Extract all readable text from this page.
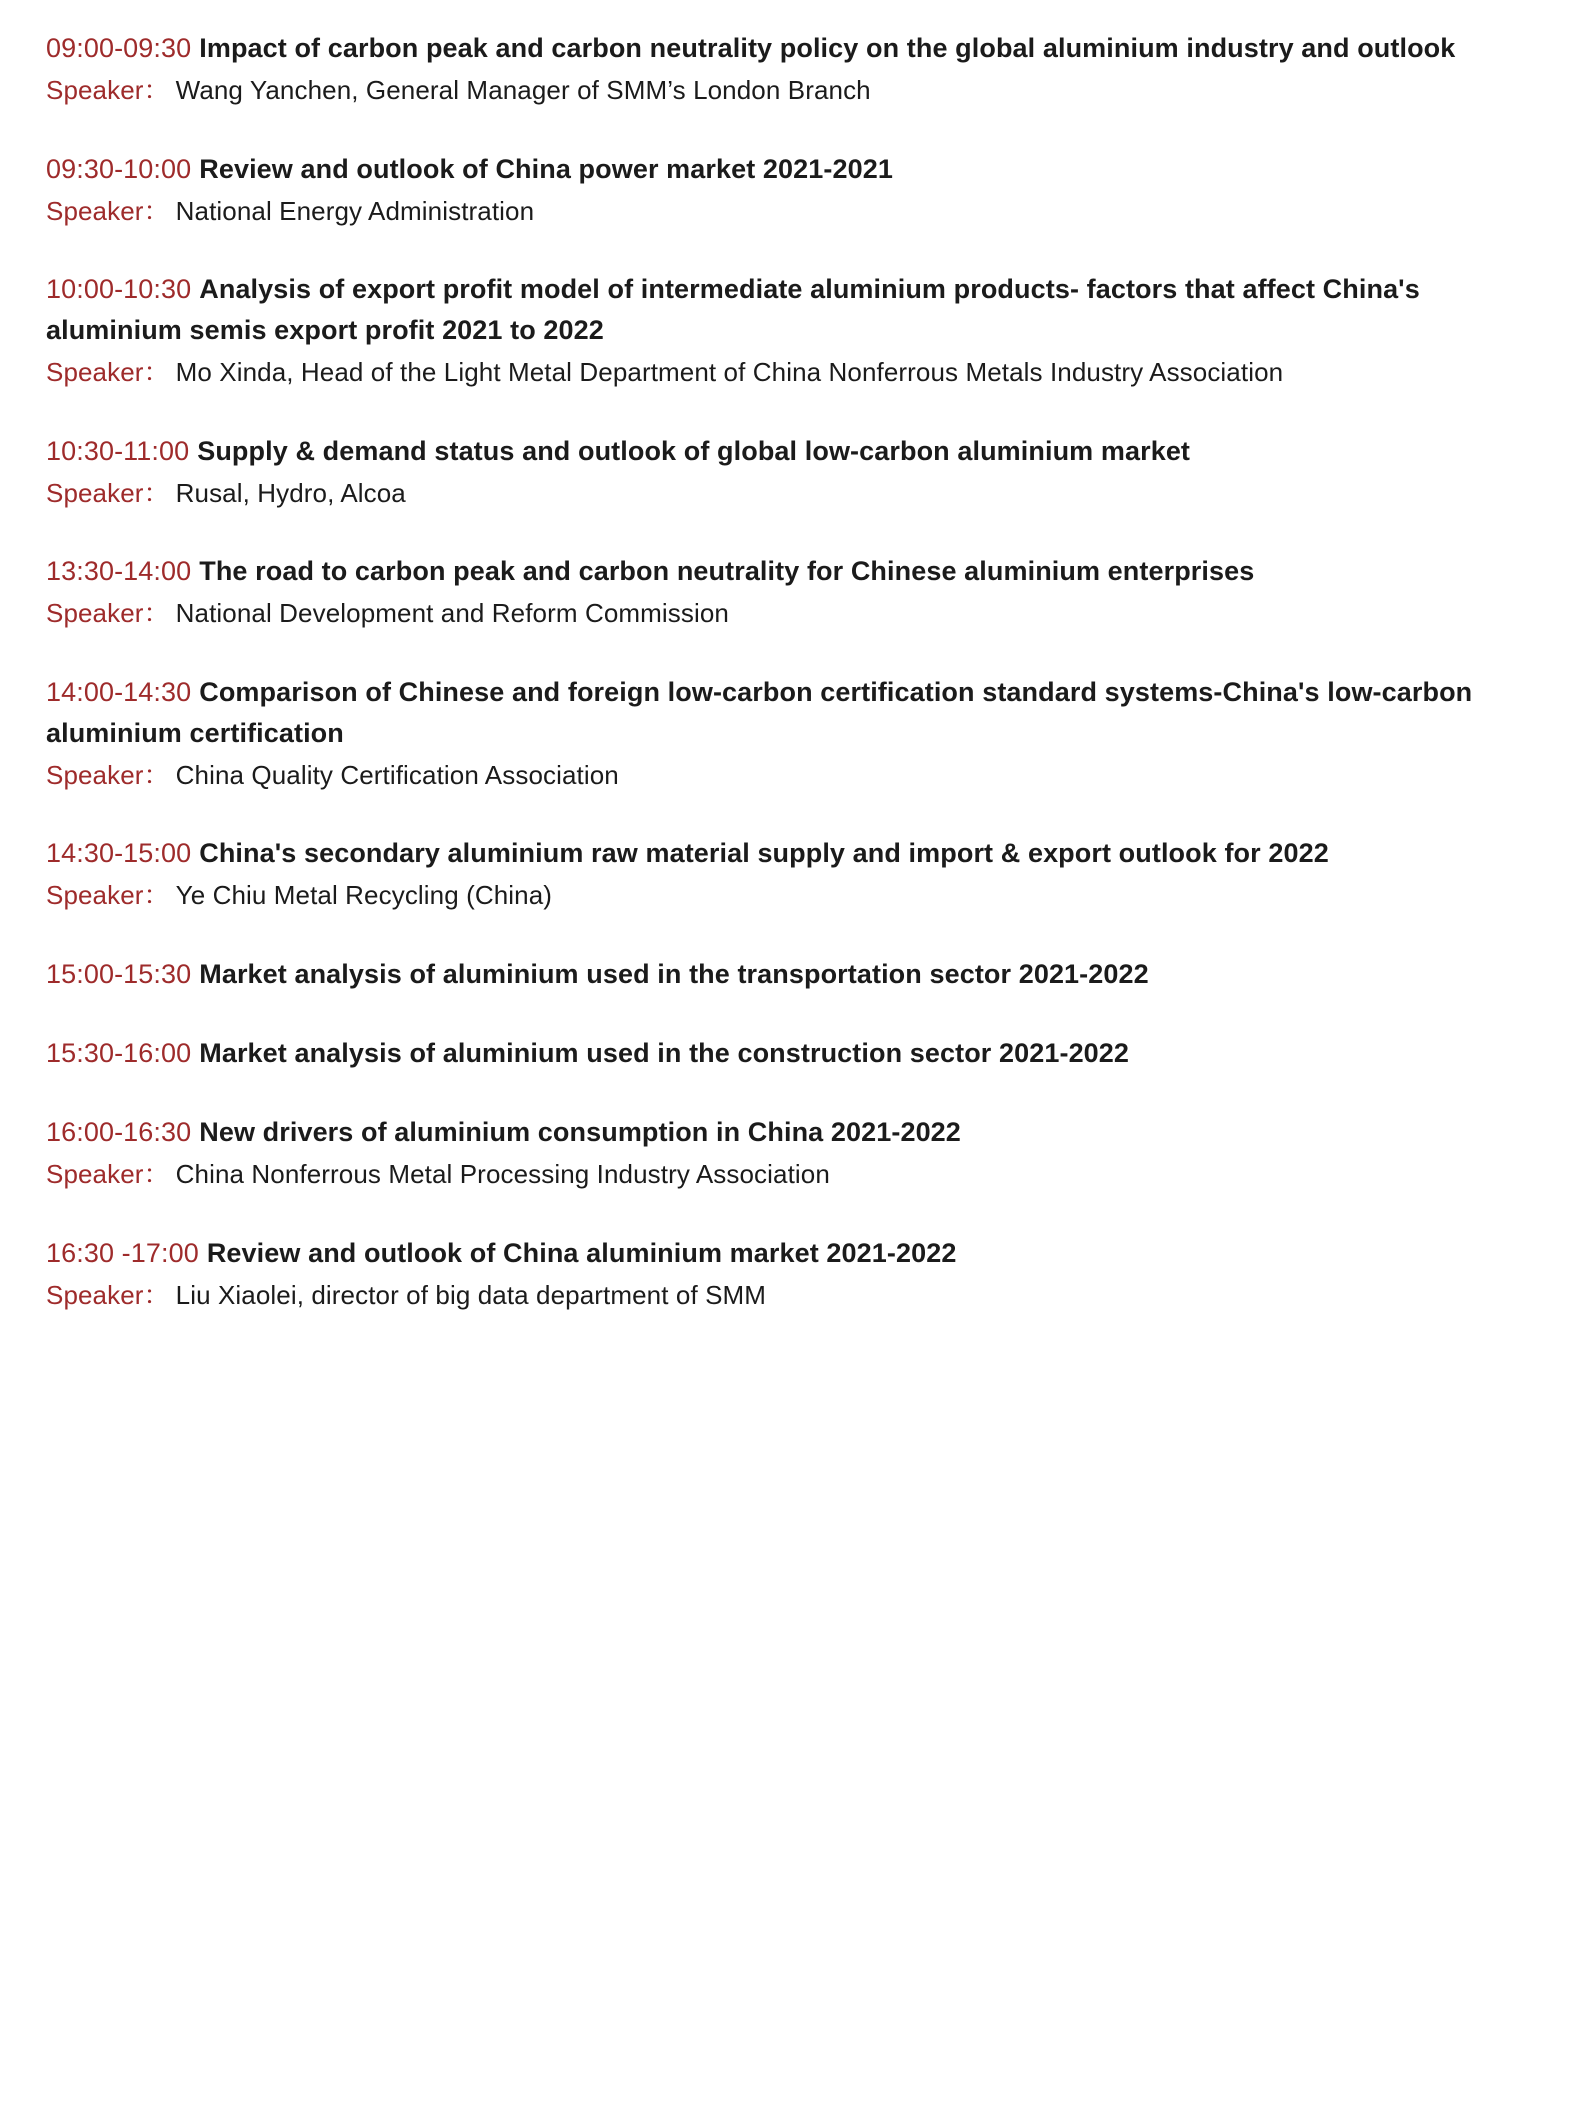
09:00-09:30 Impact of carbon peak and carbon neutrality policy on the global aluminium industry and outlook
Speaker： Wang Yanchen, General Manager of SMM’s London Branch
09:30-10:00 Review and outlook of China power market 2021-2021
Speaker： National Energy Administration
10:00-10:30 Analysis of export profit model of intermediate aluminium products- factors that affect China's aluminium semis export profit 2021 to 2022
Speaker： Mo Xinda, Head of the Light Metal Department of China Nonferrous Metals Industry Association
10:30-11:00 Supply & demand status and outlook of global low-carbon aluminium market
Speaker： Rusal, Hydro, Alcoa
13:30-14:00 The road to carbon peak and carbon neutrality for Chinese aluminium enterprises
Speaker： National Development and Reform Commission
14:00-14:30 Comparison of Chinese and foreign low-carbon certification standard systems-China's low-carbon aluminium certification
Speaker： China Quality Certification Association
14:30-15:00 China's secondary aluminium raw material supply and import & export outlook for 2022
Speaker： Ye Chiu Metal Recycling (China)
15:00-15:30 Market analysis of aluminium used in the transportation sector 2021-2022
15:30-16:00 Market analysis of aluminium used in the construction sector 2021-2022
16:00-16:30 New drivers of aluminium consumption in China 2021-2022
Speaker： China Nonferrous Metal Processing Industry Association
16:30 -17:00 Review and outlook of China aluminium market 2021-2022
Speaker： Liu Xiaolei, director of big data department of SMM
